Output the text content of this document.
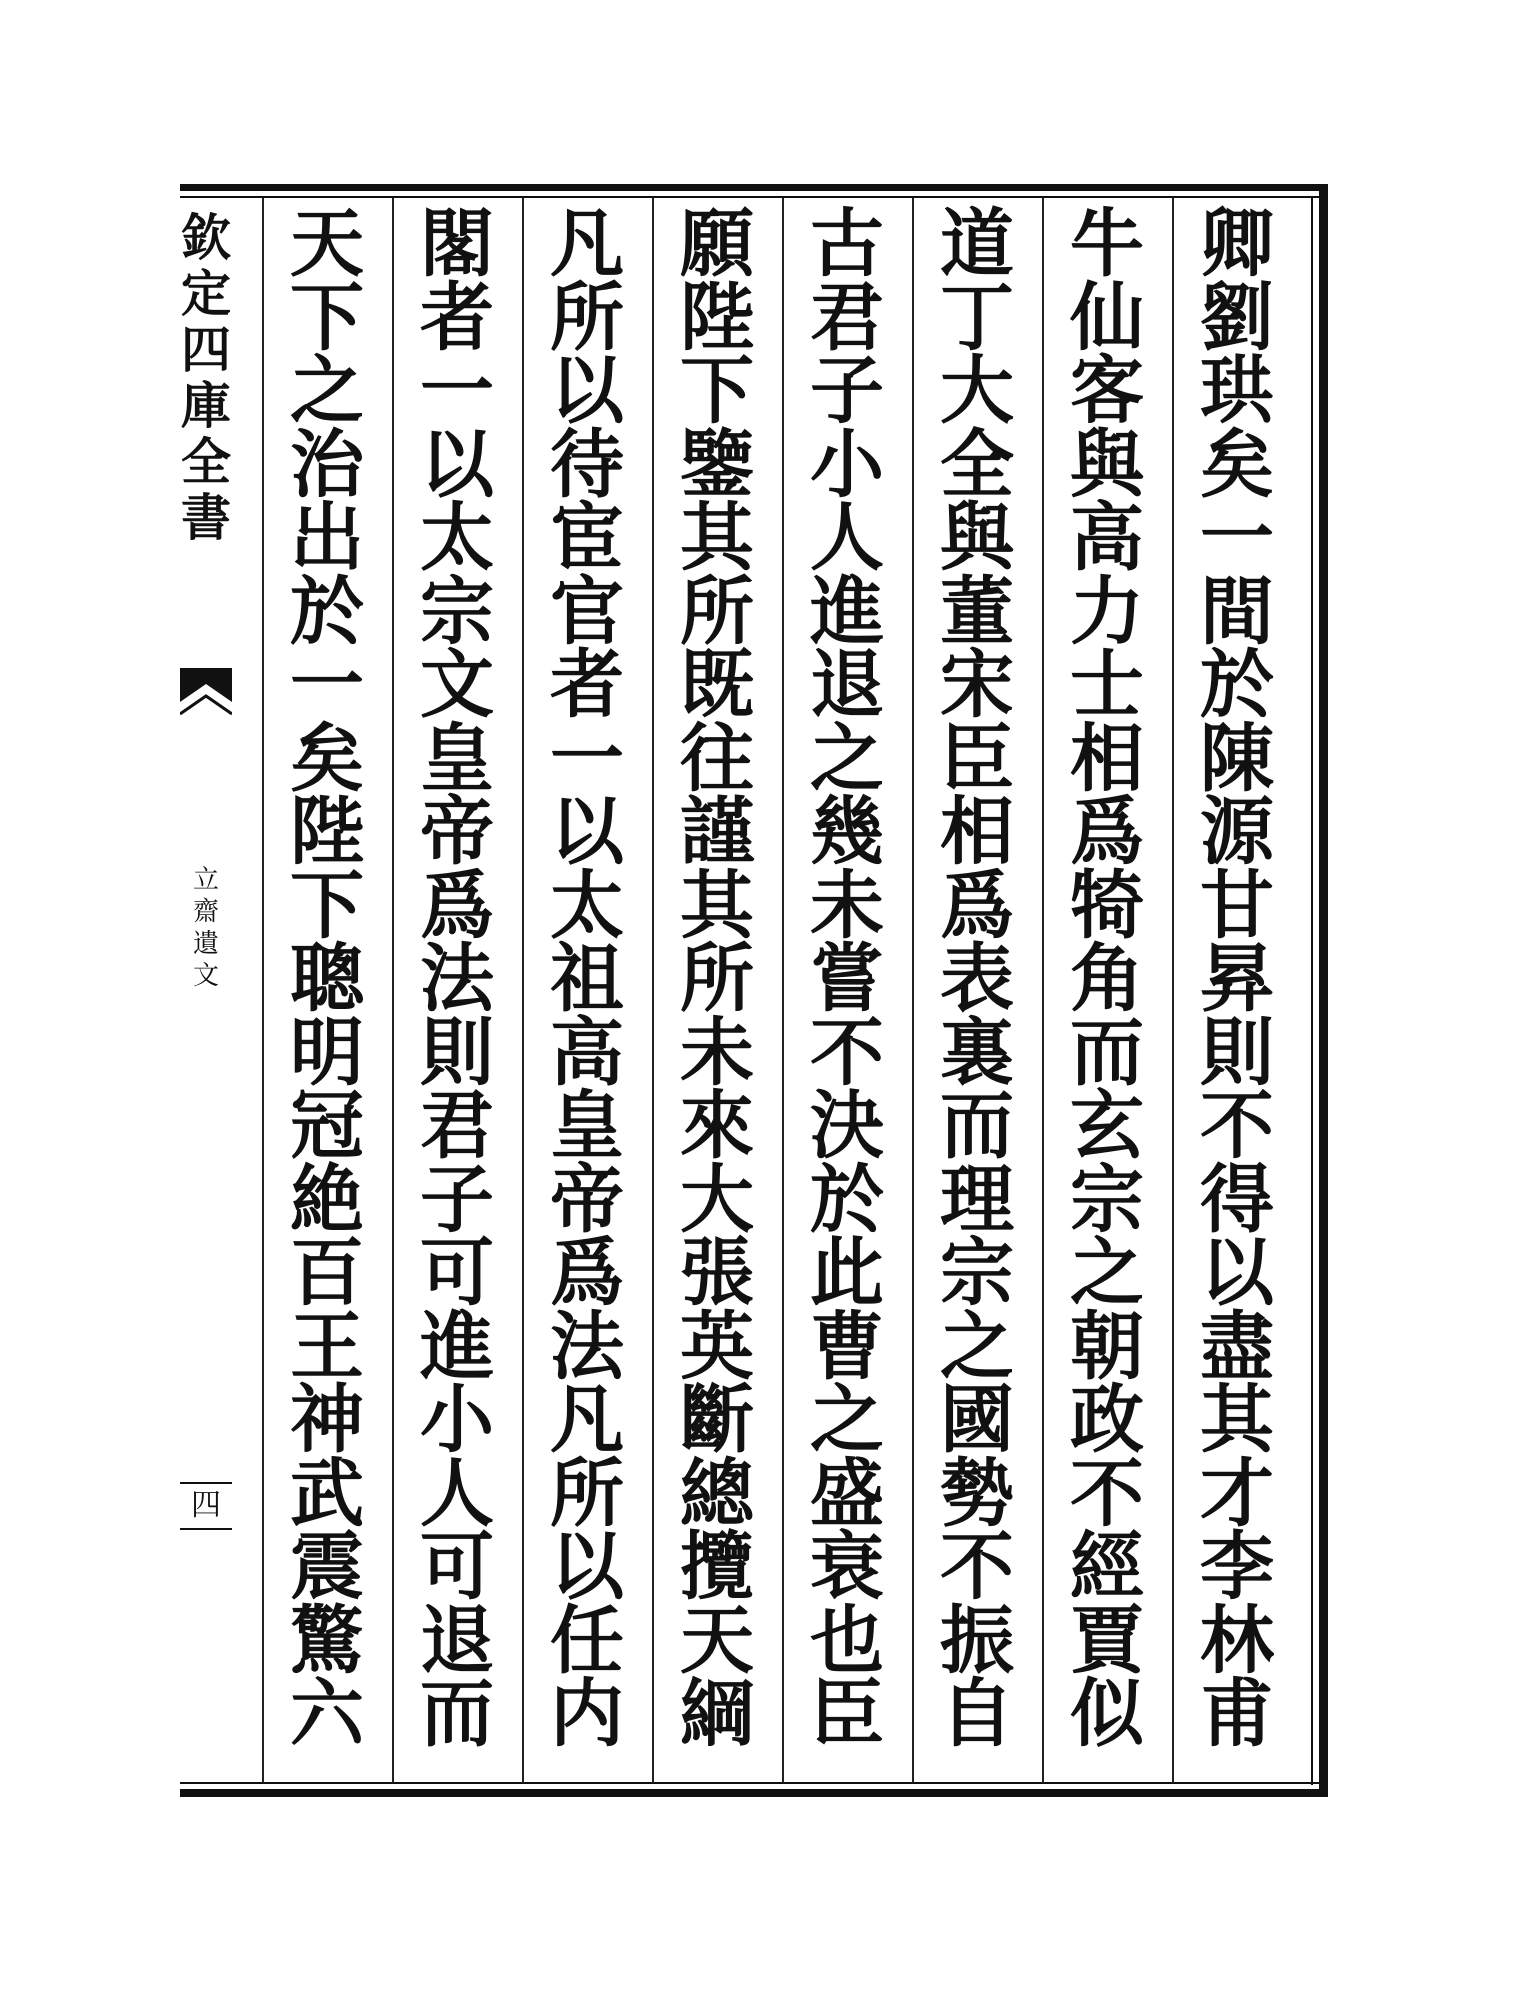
欽
定
四
庫
全
書
立
齋
遺
文
四
卿
劉
珙
矣
一
間
於
陳
源
甘
昪
則
不
得
以
盡
其
才
李
林
甫
牛
仙
客
與
高
力
士
相
爲
犄
角
而
玄
宗
之
朝
政
不
經
賈
似
道
丁
大
全
與
董
宋
臣
相
爲
表
裏
而
理
宗
之
國
勢
不
振
自
古
君
子
小
人
進
退
之
幾
未
嘗
不
決
於
此
曹
之
盛
衰
也
臣
願
陛
下
鑒
其
所
既
往
謹
其
所
未
來
大
張
英
斷
總
攬
天
綱
凡
所
以
待
宦
官
者
一
以
太
祖
高
皇
帝
爲
法
凡
所
以
任
内
閣
者
一
以
太
宗
文
皇
帝
爲
法
則
君
子
可
進
小
人
可
退
而
天
下
之
治
出
於
一
矣
陛
下
聰
明
冠
絶
百
王
神
武
震
驚
六
